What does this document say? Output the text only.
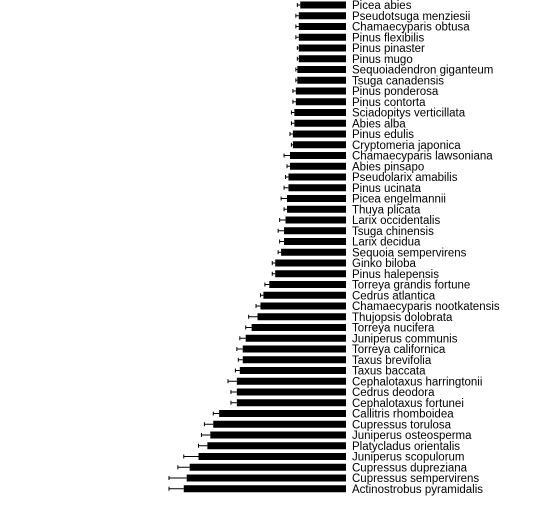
Picea abies
Pseudotsuga menziesii
Chamaecyparis obtusa
Pinus flexibilis
Pinus pinaster
Pinus mugo
Sequoiadendron giganteum
Tsuga canadensis
Pinus ponderosa
Pinus contorta
Sciadopitys verticillata
Abies alba
Pinus edulis
Cryptomeria japonica
Chamaecyparis lawsoniana
Abies pinsapo
Pseudolarix amabilis
Pinus ucinata
Picea engelmannii
Thuya plicata
Larix occidentalis
Tsuga chinensis
Larix decidua
Sequoia sempervirens
Ginko biloba
Pinus halepensis
Torreya grandis fortune
Cedrus atlantica
Chamaecyparis nootkatensis
Thujopsis dolobrata
Torreya nucifera
Juniperus communis
Torreya californica
Taxus brevifolia
Taxus baccata
Cephalotaxus harringtonii
Cedrus deodora
Cephalotaxus fortunei
Callitris rhomboidea
Cupressus torulosa
Juniperus osteosperma
Platycladus orientalis
Juniperus scopulorum
Cupressus dupreziana
Cupressus sempervirens
Actinostrobus pyramidalis
